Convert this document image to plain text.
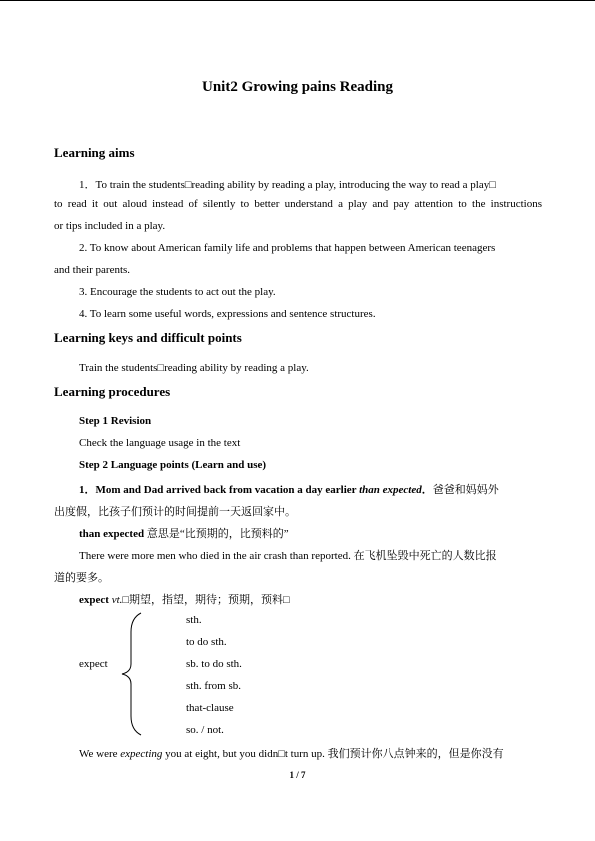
Unit2 Growing pains Reading
Learning aims
1．To train the students□reading ability by reading a play, introducing the way to read a play□
to read it out aloud instead of silently to better understand a play and pay attention to the instructions
or tips included in a play.
2. To know about American family life and problems that happen between American teenagers
and their parents.
3. Encourage the students to act out the play.
4. To learn some useful words, expressions and sentence structures.
Learning keys and difficult points
Train the students□reading ability by reading a play.
Learning procedures
Step 1 Revision
Check the language usage in the text
Step 2 Language points (Learn and use)
1．Mom and Dad arrived back from vacation a day earlier than expected．爸爸和妈妈外
出度假，比孩子们预计的时间提前一天返回家中。
than expected 意思是“比预期的，比预料的”
There were more men who died in the air crash than reported. 在飞机坠毁中死亡的人数比报
道的要多。
expect vt.□期望，指望，期待；预期，预料□
expect
sth.
to do sth.
sb. to do sth.
sth. from sb.
that-clause
so. / not.
We were expecting you at eight, but you didn□t turn up. 我们预计你八点钟来的，但是你没有
1 / 7
